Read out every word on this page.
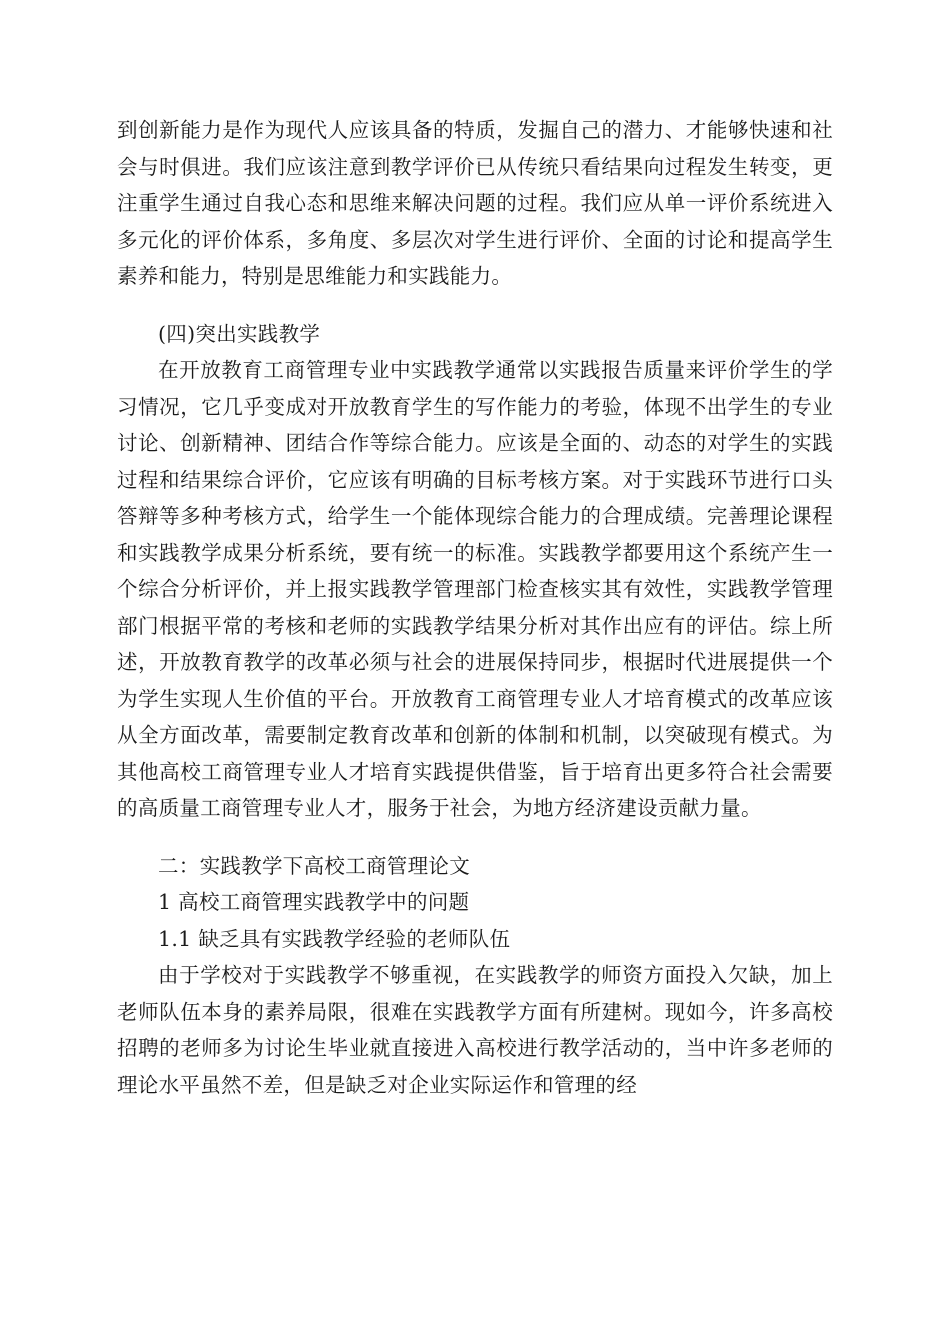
到创新能力是作为现代人应该具备的特质，发掘自己的潜力、才能够快速和社会与时俱进。我们应该注意到教学评价已从传统只看结果向过程发生转变，更注重学生通过自我心态和思维来解决问题的过程。我们应从单一评价系统进入多元化的评价体系，多角度、多层次对学生进行评价、全面的讨论和提高学生素养和能力，特别是思维能力和实践能力。

(四)突出实践教学

在开放教育工商管理专业中实践教学通常以实践报告质量来评价学生的学习情况，它几乎变成对开放教育学生的写作能力的考验，体现不出学生的专业讨论、创新精神、团结合作等综合能力。应该是全面的、动态的对学生的实践过程和结果综合评价，它应该有明确的目标考核方案。对于实践环节进行口头答辩等多种考核方式，给学生一个能体现综合能力的合理成绩。完善理论课程和实践教学成果分析系统，要有统一的标准。实践教学都要用这个系统产生一个综合分析评价，并上报实践教学管理部门检查核实其有效性，实践教学管理部门根据平常的考核和老师的实践教学结果分析对其作出应有的评估。综上所述，开放教育教学的改革必须与社会的进展保持同步，根据时代进展提供一个为学生实现人生价值的平台。开放教育工商管理专业人才培育模式的改革应该从全方面改革，需要制定教育改革和创新的体制和机制，以突破现有模式。为其他高校工商管理专业人才培育实践提供借鉴，旨于培育出更多符合社会需要的高质量工商管理专业人才，服务于社会，为地方经济建设贡献力量。

二：实践教学下高校工商管理论文

1 高校工商管理实践教学中的问题

1.1 缺乏具有实践教学经验的老师队伍

由于学校对于实践教学不够重视，在实践教学的师资方面投入欠缺，加上老师队伍本身的素养局限，很难在实践教学方面有所建树。现如今，许多高校招聘的老师多为讨论生毕业就直接进入高校进行教学活动的，当中许多老师的理论水平虽然不差，但是缺乏对企业实际运作和管理的经
